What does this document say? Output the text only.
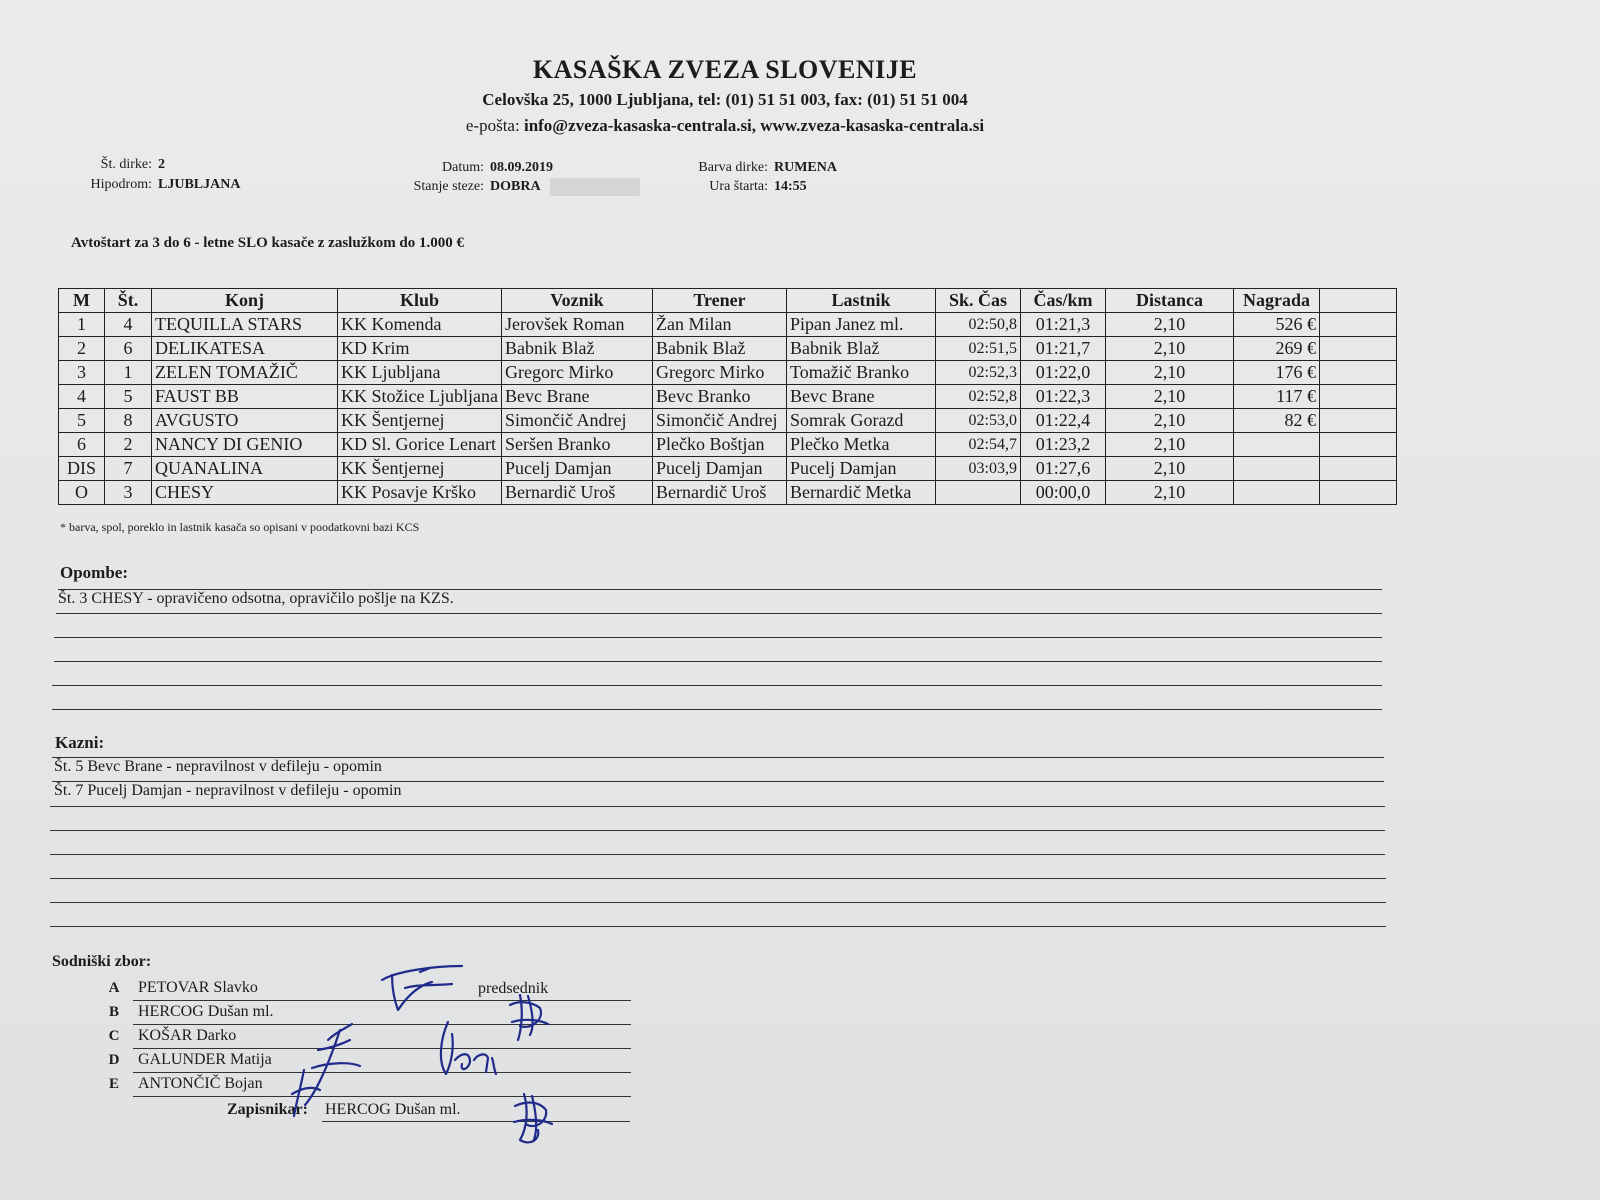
KASAŠKA ZVEZA SLOVENIJE
Celovška 25, 1000 Ljubljana, tel: (01) 51 51 003, fax: (01) 51 51 004
e-pošta: info@zveza-kasaska-centrala.si, www.zveza-kasaska-centrala.si
Št. dirke: 2
Hipodrom: LJUBLJANA
Datum: 08.09.2019
Stanje steze: DOBRA
Barva dirke: RUMENA
Ura štarta: 14:55
Avtoštart za 3 do 6 - letne SLO kasače z zaslužkom do 1.000 €
M	Št.	Konj	Klub	Voznik	Trener	Lastnik	Sk. Čas	Čas/km	Distanca	Nagrada	
1	4	TEQUILLA STARS	KK Komenda	Jerovšek Roman	Žan Milan	Pipan Janez ml.	02:50,8	01:21,3	2,10	526 €	
2	6	DELIKATESA	KD Krim	Babnik Blaž	Babnik Blaž	Babnik Blaž	02:51,5	01:21,7	2,10	269 €	
3	1	ZELEN TOMAŽIČ	KK Ljubljana	Gregorc Mirko	Gregorc Mirko	Tomažič Branko	02:52,3	01:22,0	2,10	176 €	
4	5	FAUST BB	KK Stožice Ljubljana	Bevc Brane	Bevc Branko	Bevc Brane	02:52,8	01:22,3	2,10	117 €	
5	8	AVGUSTO	KK Šentjernej	Simončič Andrej	Simončič Andrej	Somrak Gorazd	02:53,0	01:22,4	2,10	82 €	
6	2	NANCY DI GENIO	KD Sl. Gorice Lenart	Seršen Branko	Plečko Boštjan	Plečko Metka	02:54,7	01:23,2	2,10		
DIS	7	QUANALINA	KK Šentjernej	Pucelj Damjan	Pucelj Damjan	Pucelj Damjan	03:03,9	01:27,6	2,10		
O	3	CHESY	KK Posavje Krško	Bernardič Uroš	Bernardič Uroš	Bernardič Metka		00:00,0	2,10		
* barva, spol, poreklo in lastnik kasača so opisani v poodatkovni bazi KCS
Opombe:
Št. 3 CHESY - opravičeno odsotna, opravičilo pošlje na KZS.
Kazni:
Št. 5 Bevc Brane - nepravilnost v defileju - opomin
Št. 7 Pucelj Damjan - nepravilnost v defileju - opomin
Sodniški zbor:
A PETOVAR Slavko
B HERCOG Dušan ml.
C KOŠAR Darko
D GALUNDER Matija
E ANTONČIČ Bojan
predsednik
Zapisnikar: HERCOG Dušan ml.
